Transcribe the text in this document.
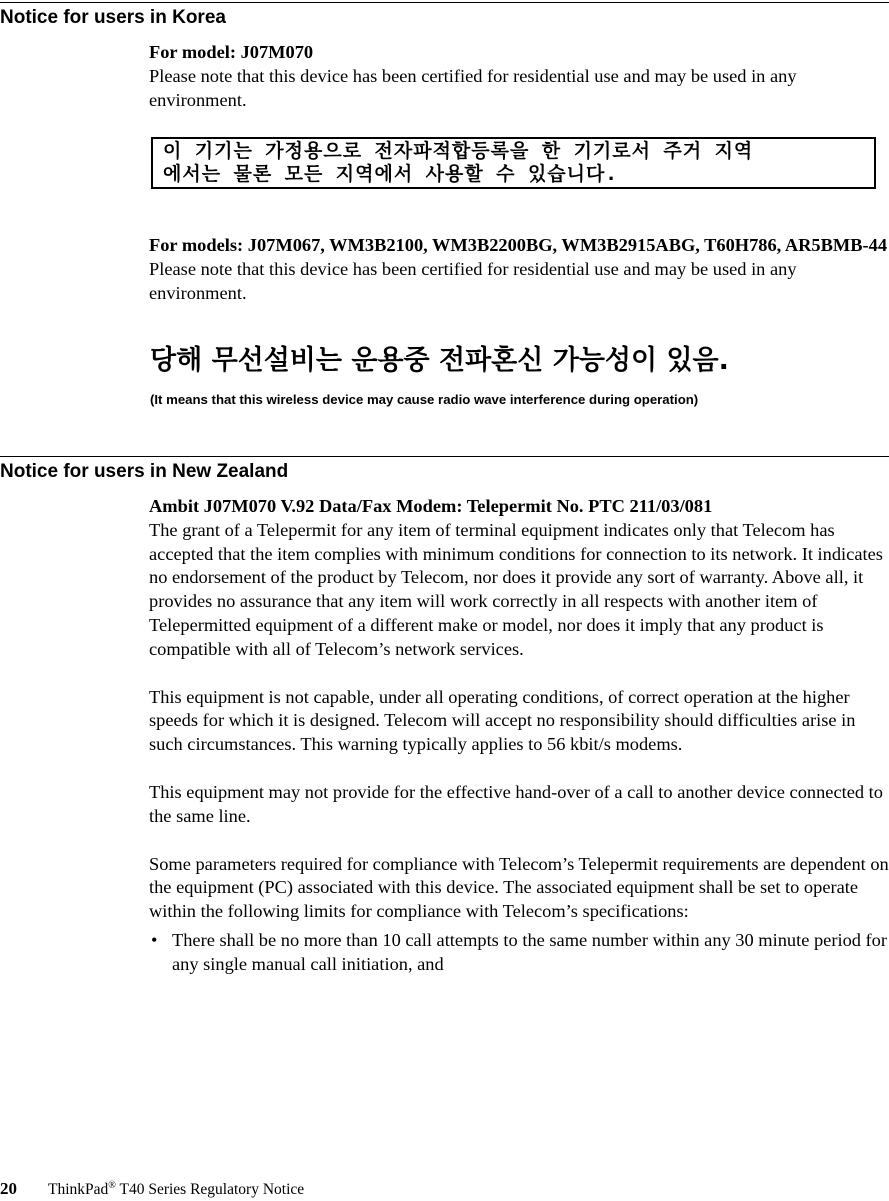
Notice for users in Korea

For model: J07M070

Please note that this device has been certified for residential use and may be used in any environment.

이 기기는 가정용으로 전자파적합등록을 한 기기로서 주거 지역
에서는 물론 모든 지역에서 사용할 수 있습니다.

For models: J07M067, WM3B2100, WM3B2200BG, WM3B2915ABG, T60H786, AR5BMB-44

Please note that this device has been certified for residential use and may be used in any environment.

당해 무선설비는 운용중 전파혼신 가능성이 있음.
(It means that this wireless device may cause radio wave interference during operation)
Notice for users in New Zealand

Ambit J07M070 V.92 Data/Fax Modem: Telepermit No. PTC 211/03/081

The grant of a Telepermit for any item of terminal equipment indicates only that Telecom has accepted that the item complies with minimum conditions for connection to its network. It indicates no endorsement of the product by Telecom, nor does it provide any sort of warranty. Above all, it provides no assurance that any item will work correctly in all respects with another item of Telepermitted equipment of a different make or model, nor does it imply that any product is compatible with all of Telecom’s network services.

This equipment is not capable, under all operating conditions, of correct operation at the higher speeds for which it is designed. Telecom will accept no responsibility should difficulties arise in such circumstances. This warning typically applies to 56 kbit/s modems.

This equipment may not provide for the effective hand-over of a call to another device connected to the same line.

Some parameters required for compliance with Telecom’s Telepermit requirements are dependent on the equipment (PC) associated with this device. The associated equipment shall be set to operate within the following limits for compliance with Telecom’s specifications:

• There shall be no more than 10 call attempts to the same number within any 30 minute period for any single manual call initiation, and
20 ThinkPad® T40 Series Regulatory Notice
